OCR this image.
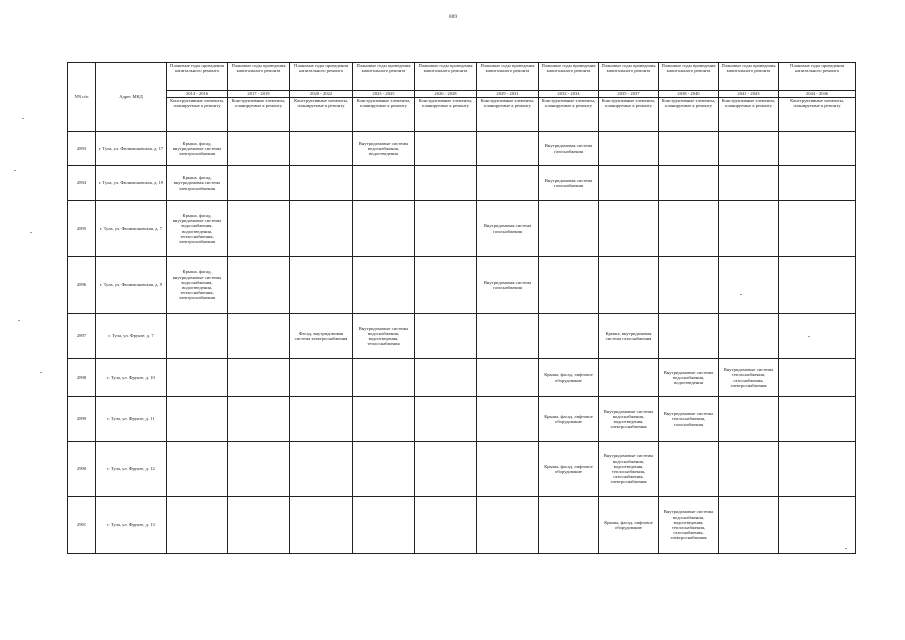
889
NN п/п	Адрес МКД	Плановые годы проведения капитального ремонта	Плановые годы проведения капитального ремонта	Плановые годы проведения капитального ремонта	Плановые годы проведения капитального ремонта	Плановые годы проведения капитального ремонта	Плановые годы проведения капитального ремонта	Плановые годы проведения капитального ремонта	Плановые годы проведения капитального ремонта	Плановые годы проведения капитального ремонта	Плановые годы проведения капитального ремонта	Плановые годы проведения капитального ремонта
		2014 - 2016	2017 - 2019	2020 - 2022	2023 - 2025	2026 - 2028	2029 - 2031	2032 - 2034	2035 - 2037	2038 - 2040	2041 - 2043	2044 - 2046
		Конструктивные элементы, планируемые к ремонту	Конструктивные элементы, планируемые к ремонту	Конструктивные элементы, планируемые к ремонту	Конструктивные элементы, планируемые к ремонту	Конструктивные элементы, планируемые к ремонту	Конструктивные элементы, планируемые к ремонту	Конструктивные элементы, планируемые к ремонту	Конструктивные элементы, планируемые к ремонту	Конструктивные элементы, планируемые к ремонту	Конструктивные элементы, планируемые к ремонту	Конструктивные элементы, планируемые к ремонту
2893	г. Тула, ул. Филимоновская, д. 17	Крыша, фасад, внутридомовые системы электроснабжения			Внутридомовые системы водоснабжения, водоотведения			Внутридомовая система газоснабжения				
2894	г. Тула, ул. Филимоновская, д. 19	Крыша, фасад, внутридомовая система электроснабжения						Внутридомовая система газоснабжения				
2895	г. Тула, ул. Филимоновская, д. 7	Крыша, фасад, внутридомовые системы водоснабжения, водоотведения, теплоснабжения, электроснабжения					Внутридомовая система газоснабжения					
2896	г. Тула, ул. Филимоновская, д. 9	Крыша, фасад, внутридомовые системы водоснабжения, водоотведения, теплоснабжения, электроснабжения					Внутридомовая система газоснабжения					
2897	г. Тула, ул. Фрунзе, д. 7			Фасад, внутридомовая система электроснабжения	Внутридомовые системы водоснабжения, водоотведения, теплоснабжения				Крыша, внутридомовая система газоснабжения			
2898	г. Тула, ул. Фрунзе, д. 10							Крыша, фасад, лифтовое оборудование		Внутридомовые системы водоснабжения, водоотведения	Внутридомовые системы теплоснабжения, газоснабжения, электроснабжения	
2899	г. Тула, ул. Фрунзе, д. 11							Крыша, фасад, лифтовое оборудование	Внутридомовые системы водоснабжения, водоотведения, электроснабжения	Внутридомовые системы теплоснабжения, газоснабжения		
2900	г. Тула, ул. Фрунзе, д. 12							Крыша, фасад, лифтовое оборудование	Внутридомовые системы водоснабжения, водоотведения, теплоснабжения, газоснабжения, электроснабжения			
2901	г. Тула, ул. Фрунзе, д. 13								Крыша, фасад, лифтовое оборудование	Внутридомовые системы водоснабжения, водоотведения, теплоснабжения, газоснабжения, электроснабжения		
